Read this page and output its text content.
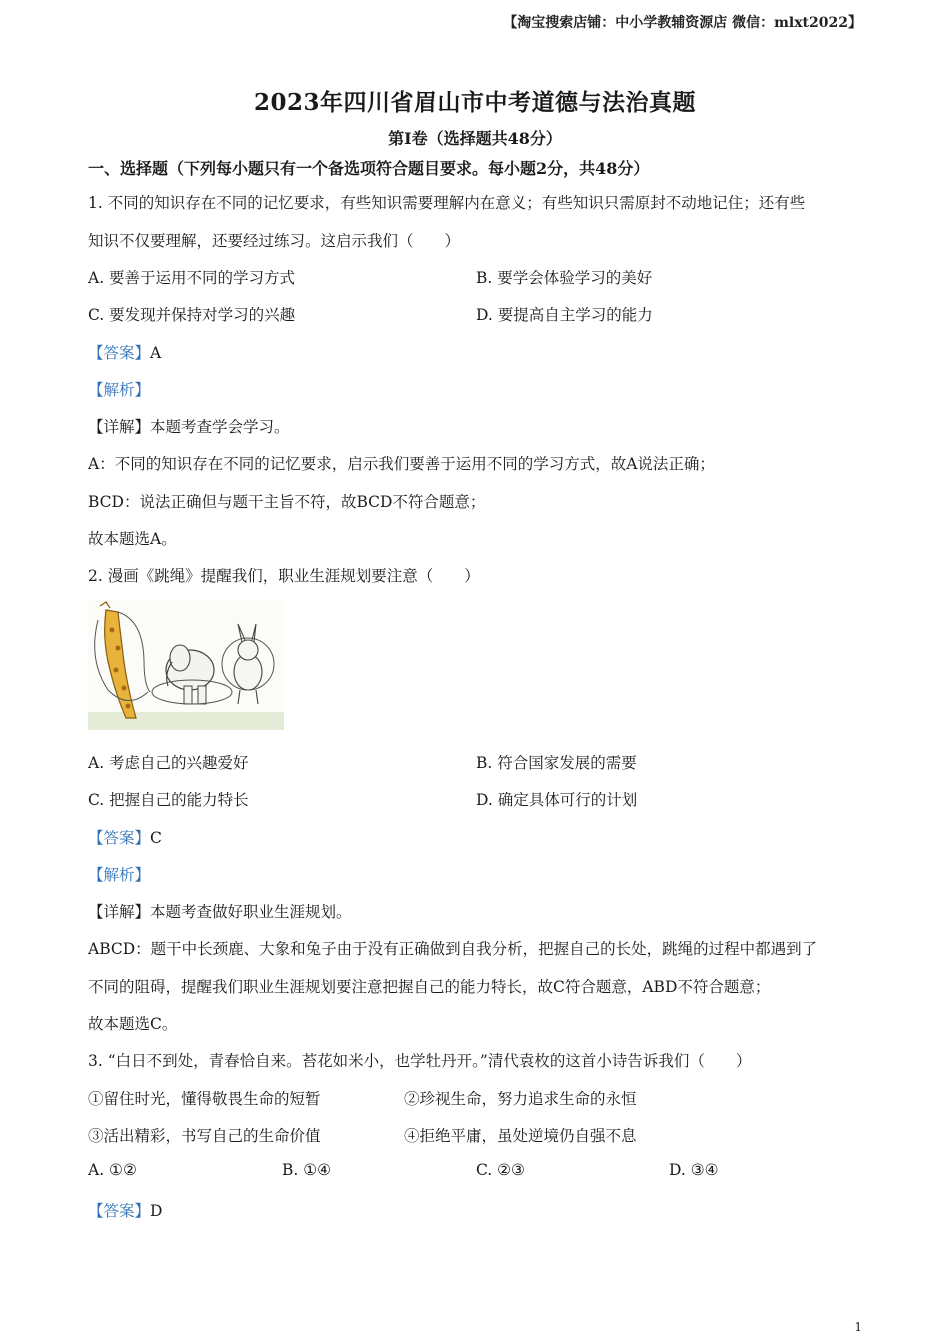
【淘宝搜索店铺：中小学教辅资源店 微信：mlxt2022】
2023年四川省眉山市中考道德与法治真题
第Ⅰ卷（选择题共48分）
一、选择题（下列每小题只有一个备选项符合题目要求。每小题2分，共48分）
1. 不同的知识存在不同的记忆要求，有些知识需要理解内在意义；有些知识只需原封不动地记住；还有些
知识不仅要理解，还要经过练习。这启示我们（　　）
A. 要善于运用不同的学习方式	B. 要学会体验学习的美好
C. 要发现并保持对学习的兴趣	D. 要提高自主学习的能力
【答案】A
【解析】
【详解】本题考查学会学习。
A：不同的知识存在不同的记忆要求，启示我们要善于运用不同的学习方式，故A说法正确；
BCD：说法正确但与题干主旨不符，故BCD不符合题意；
故本题选A。
2. 漫画《跳绳》提醒我们，职业生涯规划要注意（　　）
A. 考虑自己的兴趣爱好	B. 符合国家发展的需要
C. 把握自己的能力特长	D. 确定具体可行的计划
【答案】C
【解析】
【详解】本题考查做好职业生涯规划。
ABCD：题干中长颈鹿、大象和兔子由于没有正确做到自我分析，把握自己的长处，跳绳的过程中都遇到了
不同的阻碍，提醒我们职业生涯规划要注意把握自己的能力特长，故C符合题意，ABD不符合题意；
故本题选C。
3. “白日不到处，青春恰自来。苔花如米小，也学牡丹开。”清代袁枚的这首小诗告诉我们（　　）
①留住时光，懂得敬畏生命的短暂	②珍视生命，努力追求生命的永恒
③活出精彩，书写自己的生命价值	④拒绝平庸，虽处逆境仍自强不息
A. ①②	B. ①④	C. ②③	D. ③④
【答案】D
1
